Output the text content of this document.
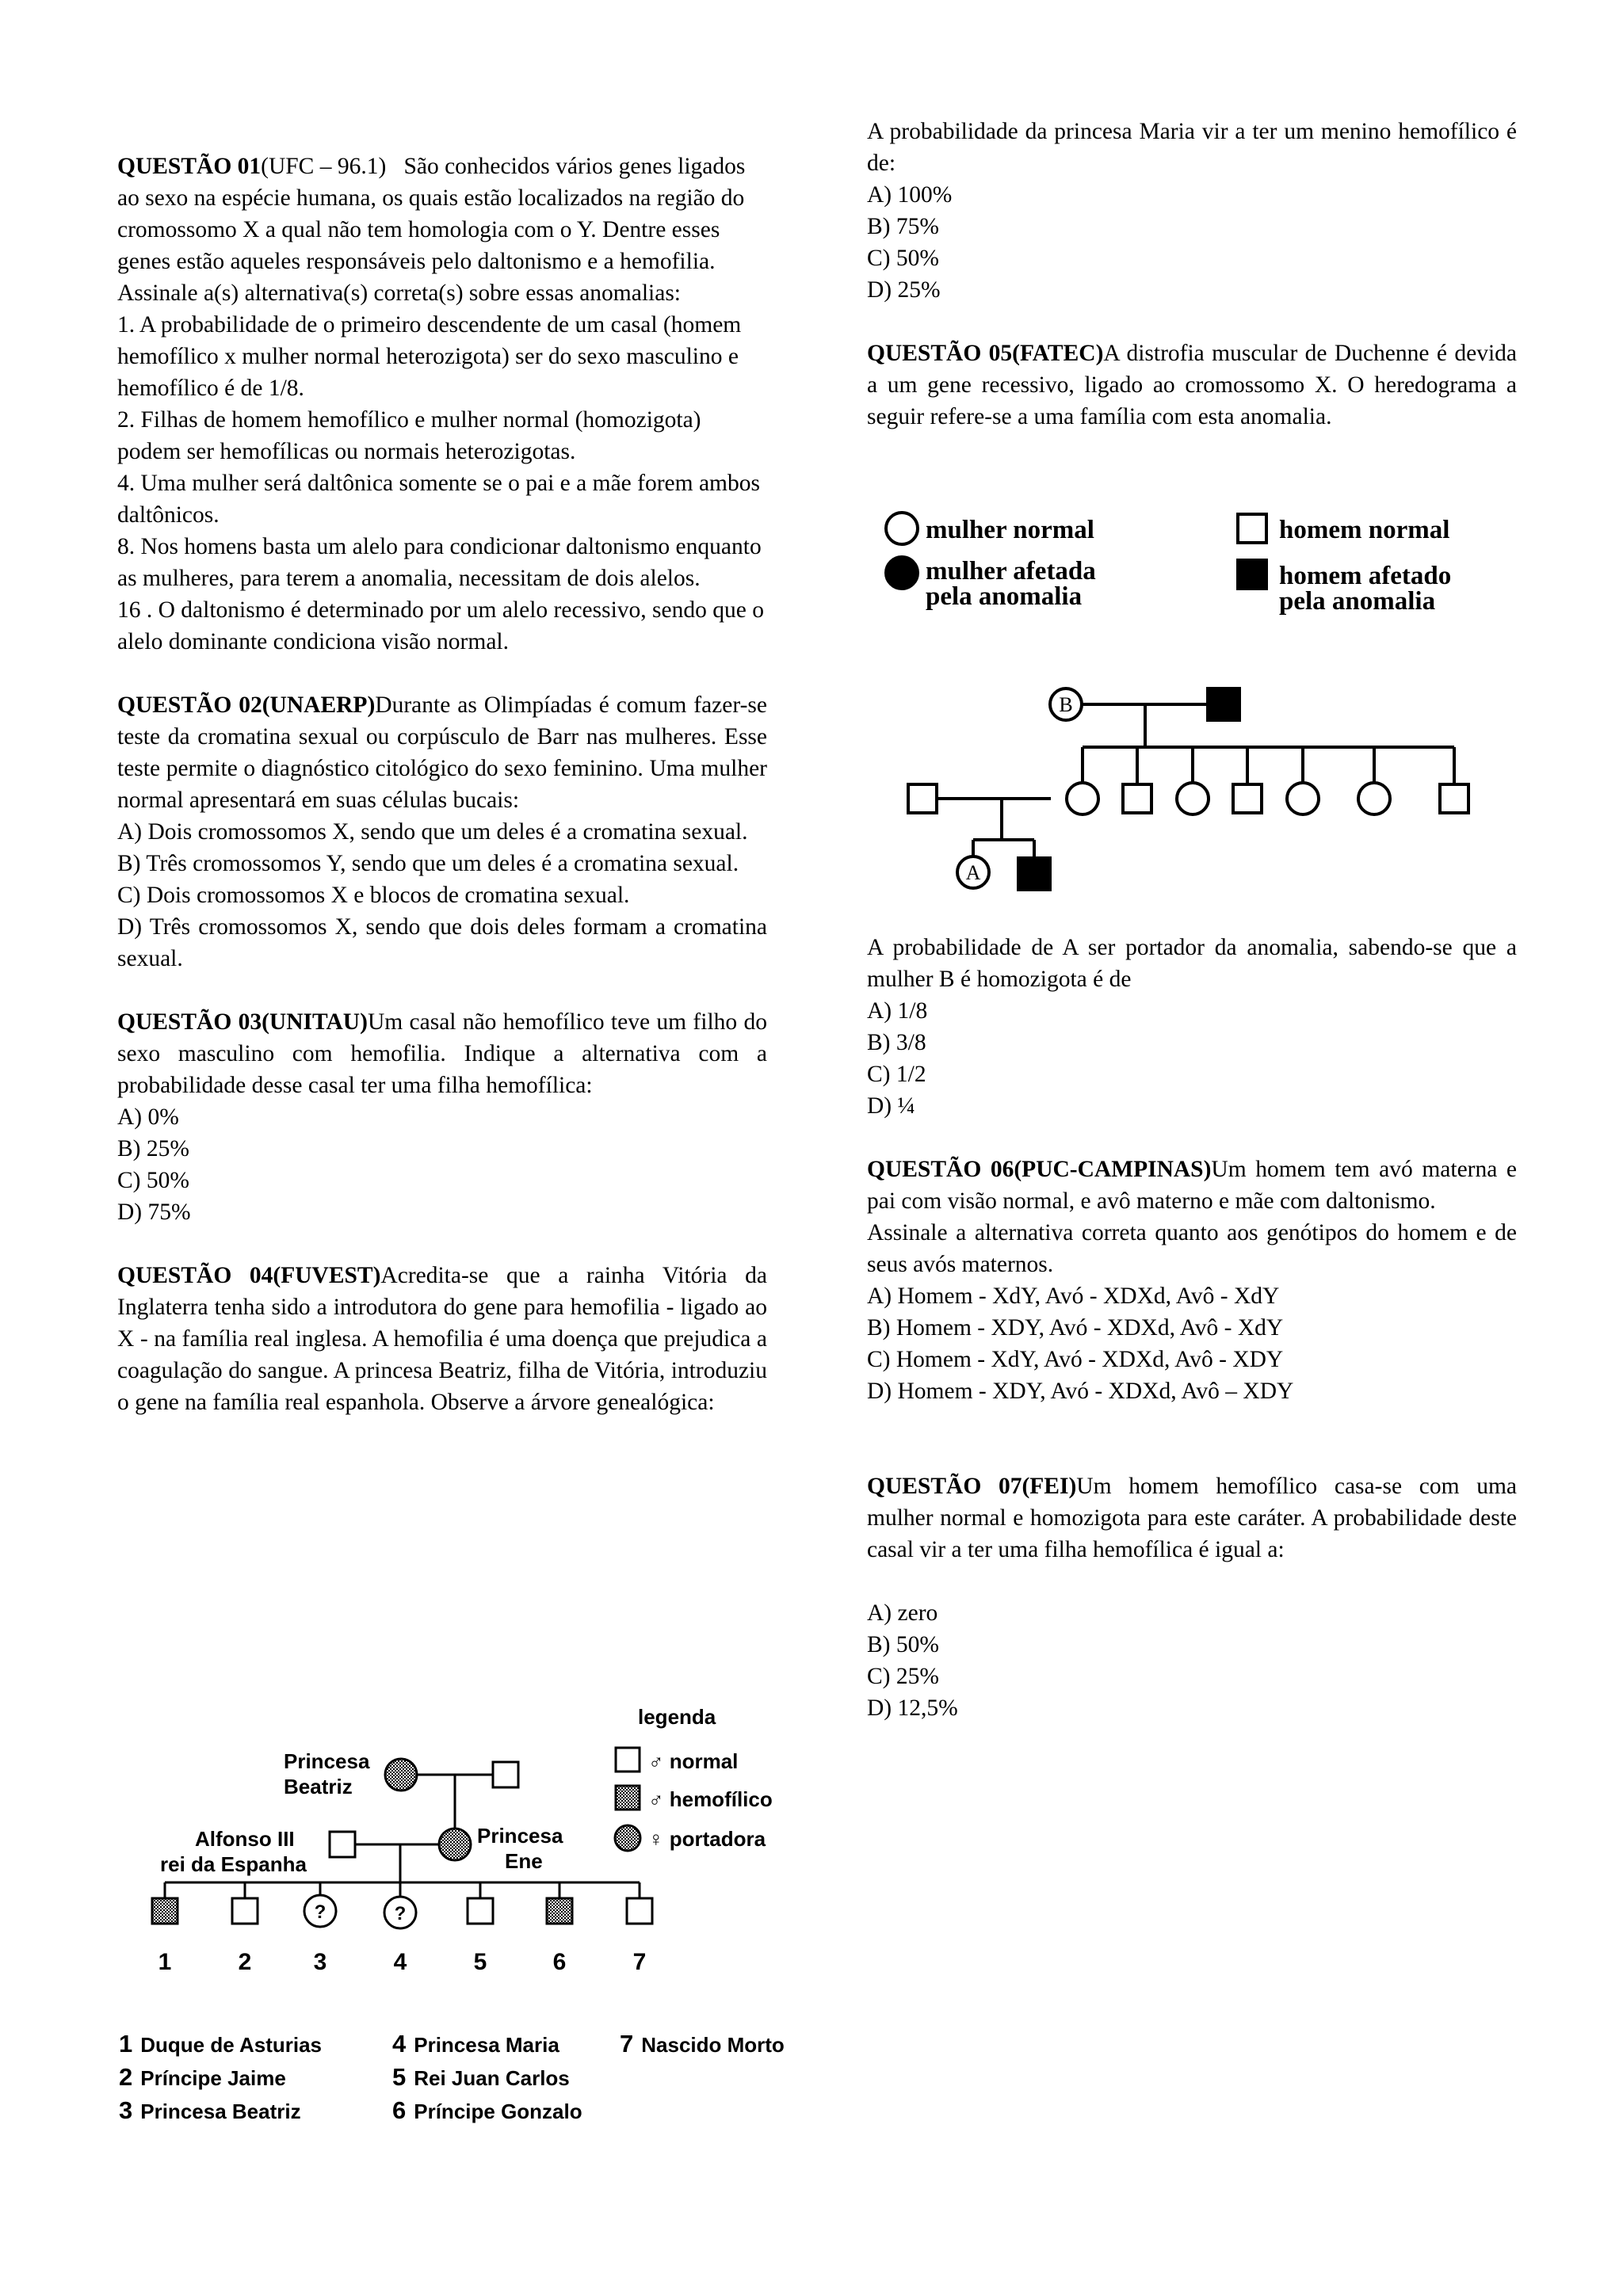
QUESTÃO 01(UFC – 96.1) São conhecidos vários genes ligados ao sexo na espécie humana, os quais estão localizados na região do cromossomo X a qual não tem homologia com o Y. Dentre esses genes estão aqueles responsáveis pelo daltonismo e a hemofilia. Assinale a(s) alternativa(s) correta(s) sobre essas anomalias:

1. A probabilidade de o primeiro descendente de um casal (homem hemofílico x mulher normal heterozigota) ser do sexo masculino e hemofílico é de 1/8.

2. Filhas de homem hemofílico e mulher normal (homozigota) podem ser hemofílicas ou normais heterozigotas.

4. Uma mulher será daltônica somente se o pai e a mãe forem ambos daltônicos.

8. Nos homens basta um alelo para condicionar daltonismo enquanto as mulheres, para terem a anomalia, necessitam de dois alelos.

16 . O daltonismo é determinado por um alelo recessivo, sendo que o alelo dominante condiciona visão normal.

QUESTÃO 02(UNAERP)Durante as Olimpíadas é comum fazer-se teste da cromatina sexual ou corpúsculo de Barr nas mulheres. Esse teste permite o diagnóstico citológico do sexo feminino. Uma mulher normal apresentará em suas células bucais:

A) Dois cromossomos X, sendo que um deles é a cromatina sexual.

B) Três cromossomos Y, sendo que um deles é a cromatina sexual.

C) Dois cromossomos X e blocos de cromatina sexual.

D) Três cromossomos X, sendo que dois deles formam a cromatina sexual.

QUESTÃO 03(UNITAU)Um casal não hemofílico teve um filho do sexo masculino com hemofilia. Indique a alternativa com a probabilidade desse casal ter uma filha hemofílica:

A) 0%

B) 25%

C) 50%

D) 75%

QUESTÃO 04(FUVEST)Acredita-se que a rainha Vitória da Inglaterra tenha sido a introdutora do gene para hemofilia - ligado ao X - na família real inglesa. A hemofilia é uma doença que prejudica a coagulação do sangue. A princesa Beatriz, filha de Vitória, introduziu o gene na família real espanhola. Observe a árvore genealógica:

legenda
♂ normal
♂ hemofílico
♀ portadora
Princesa
Beatriz
Alfonso III
rei da Espanha
Princesa
Ene
?	?
1	2	3	4	5	6	7
1 Duque de Asturias
2 Príncipe Jaime
3 Princesa Beatriz
4 Princesa Maria
5 Rei Juan Carlos
6 Príncipe Gonzalo
7 Nascido Morto

A probabilidade da princesa Maria vir a ter um menino hemofílico é de:

A) 100%

B) 75%

C) 50%

D) 25%

QUESTÃO 05(FATEC)A distrofia muscular de Duchenne é devida a um gene recessivo, ligado ao cromossomo X. O heredograma a seguir refere-se a uma família com esta anomalia.

mulher normal	homem normal
mulher afetada
pela anomalia
homem afetado
pela anomalia
B
A

A probabilidade de A ser portador da anomalia, sabendo-se que a mulher B é homozigota é de

A) 1/8

B) 3/8

C) 1/2

D) ¼

QUESTÃO 06(PUC-CAMPINAS)Um homem tem avó materna e pai com visão normal, e avô materno e mãe com daltonismo.

Assinale a alternativa correta quanto aos genótipos do homem e de seus avós maternos.

A) Homem - XdY, Avó - XDXd, Avô - XdY

B) Homem - XDY, Avó - XDXd, Avô - XdY

C) Homem - XdY, Avó - XDXd, Avô - XDY

D) Homem - XDY, Avó - XDXd, Avô – XDY

QUESTÃO 07(FEI)Um homem hemofílico casa-se com uma mulher normal e homozigota para este caráter. A probabilidade deste casal vir a ter uma filha hemofílica é igual a:

A) zero

B) 50%

C) 25%

D) 12,5%
